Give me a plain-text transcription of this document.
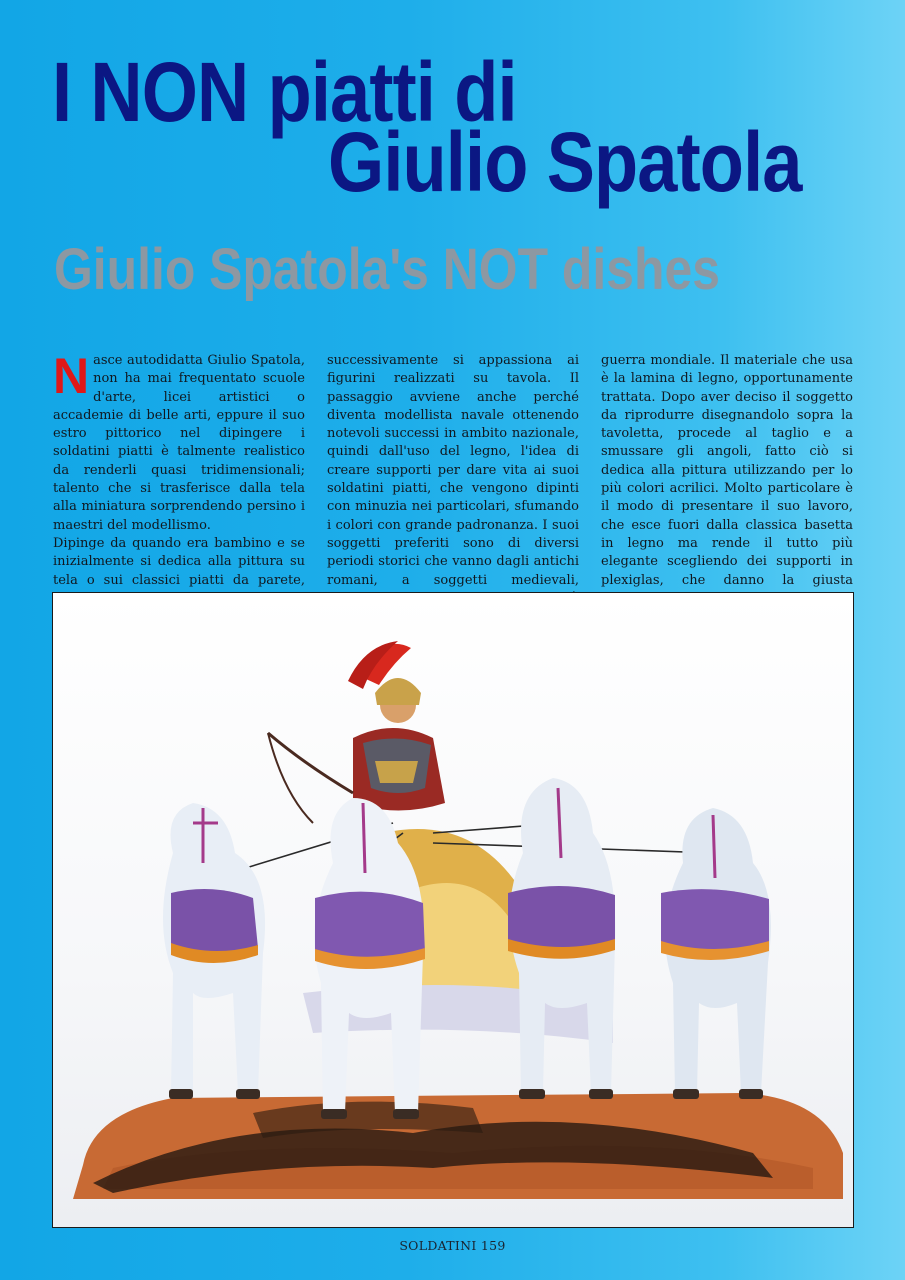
I NON piatti di
Giulio Spatola
Giulio Spatola's NOT dishes
N asce autodidatta Giulio Spatola, non ha mai frequentato scuole d'arte, licei artistici o accademie di belle arti, eppure il suo estro pittorico nel dipingere i soldatini piatti è talmente realistico da renderli quasi tridimensionali; talento che si trasferisce dalla tela alla miniatura sorprendendo persino i maestri del modellismo.

Dipinge da quando era bambino e se inizialmente si dedica alla pittura su tela o sui classici piatti da parete,

successivamente si appassiona ai figurini realizzati su tavola. Il passaggio avviene anche perché diventa modellista navale ottenendo notevoli successi in ambito nazionale, quindi dall'uso del legno, l'idea di creare supporti per dare vita ai suoi soldatini piatti, che vengono dipinti con minuzia nei particolari, sfumando i colori con grande padronanza. I suoi soggetti preferiti sono di diversi periodi storici che vanno dagli antichi romani, a soggetti medievali,

guerra mondiale. Il materiale che usa è la lamina di legno, opportunamente trattata. Dopo aver deciso il soggetto da riprodurre disegnandolo sopra la tavoletta, procede al taglio e a smussare gli angoli, fatto ciò si dedica alla pittura utilizzando per lo più colori acrilici. Molto particolare è il modo di presentare il suo lavoro, che esce fuori dalla classica basetta in legno ma rende il tutto più elegante scegliendo dei supporti in plexiglas, che danno la giusta

SOLDATINI 159
